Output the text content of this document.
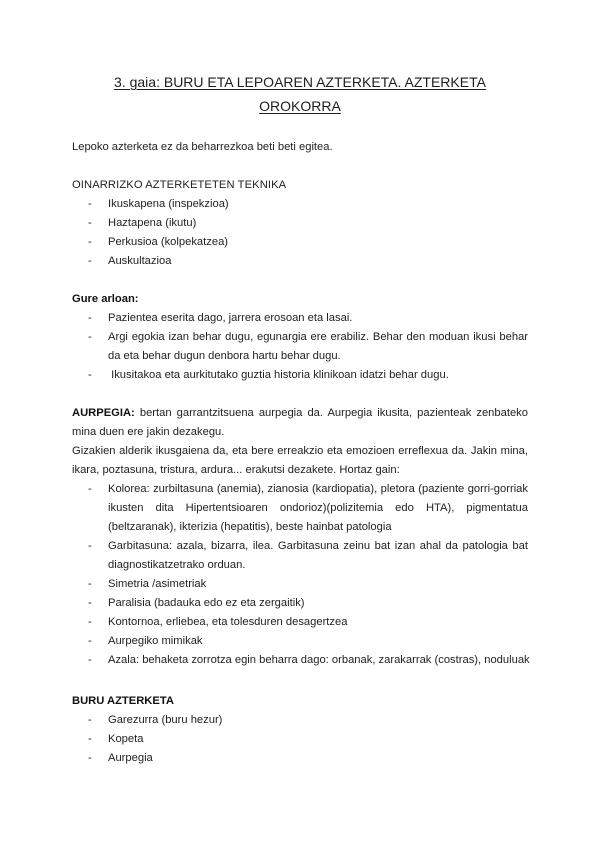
3. gaia: BURU ETA LEPOAREN AZTERKETA. AZTERKETA
OROKORRA

Lepoko azterketa ez da beharrezkoa beti beti egitea.

OINARRIZKO AZTERKETETEN TEKNIKA

- Ikuskapena (inspekzioa)
- Haztapena (ikutu)
- Perkusioa (kolpekatzea)
- Auskultazioa

Gure arloan:

- Pazientea eserita dago, jarrera erosoan eta lasai.
- Argi egokia izan behar dugu, egunargia ere erabiliz. Behar den moduan ikusi behar da eta behar dugun denbora hartu behar dugu.
- Ikusitakoa eta aurkitutako guztia historia klinikoan idatzi behar dugu.

AURPEGIA: bertan garrantzitsuena aurpegia da. Aurpegia ikusita, pazienteak zenbateko mina duen ere jakin dezakegu.

Gizakien alderik ikusgaiena da, eta bere erreakzio eta emozioen erreflexua da. Jakin mina, ikara, poztasuna, tristura, ardura... erakutsi dezakete. Hortaz gain:

- Kolorea: zurbiltasuna (anemia), zianosia (kardiopatia), pletora (paziente gorri-gorriak ikusten dita Hipertentsioaren ondorioz)(polizitemia edo HTA), pigmentatua (beltzaranak), ikterizia (hepatitis), beste hainbat patologia
- Garbitasuna: azala, bizarra, ilea. Garbitasuna zeinu bat izan ahal da patologia bat diagnostikatzetrako orduan.
- Simetria /asimetriak
- Paralisia (badauka edo ez eta zergaitik)
- Kontornoa, erliebea, eta tolesduren desagertzea
- Aurpegiko mimikak
- Azala: behaketa zorrotza egin beharra dago: orbanak, zarakarrak (costras), noduluak

BURU AZTERKETA

- Garezurra (buru hezur)
- Kopeta
- Aurpegia
